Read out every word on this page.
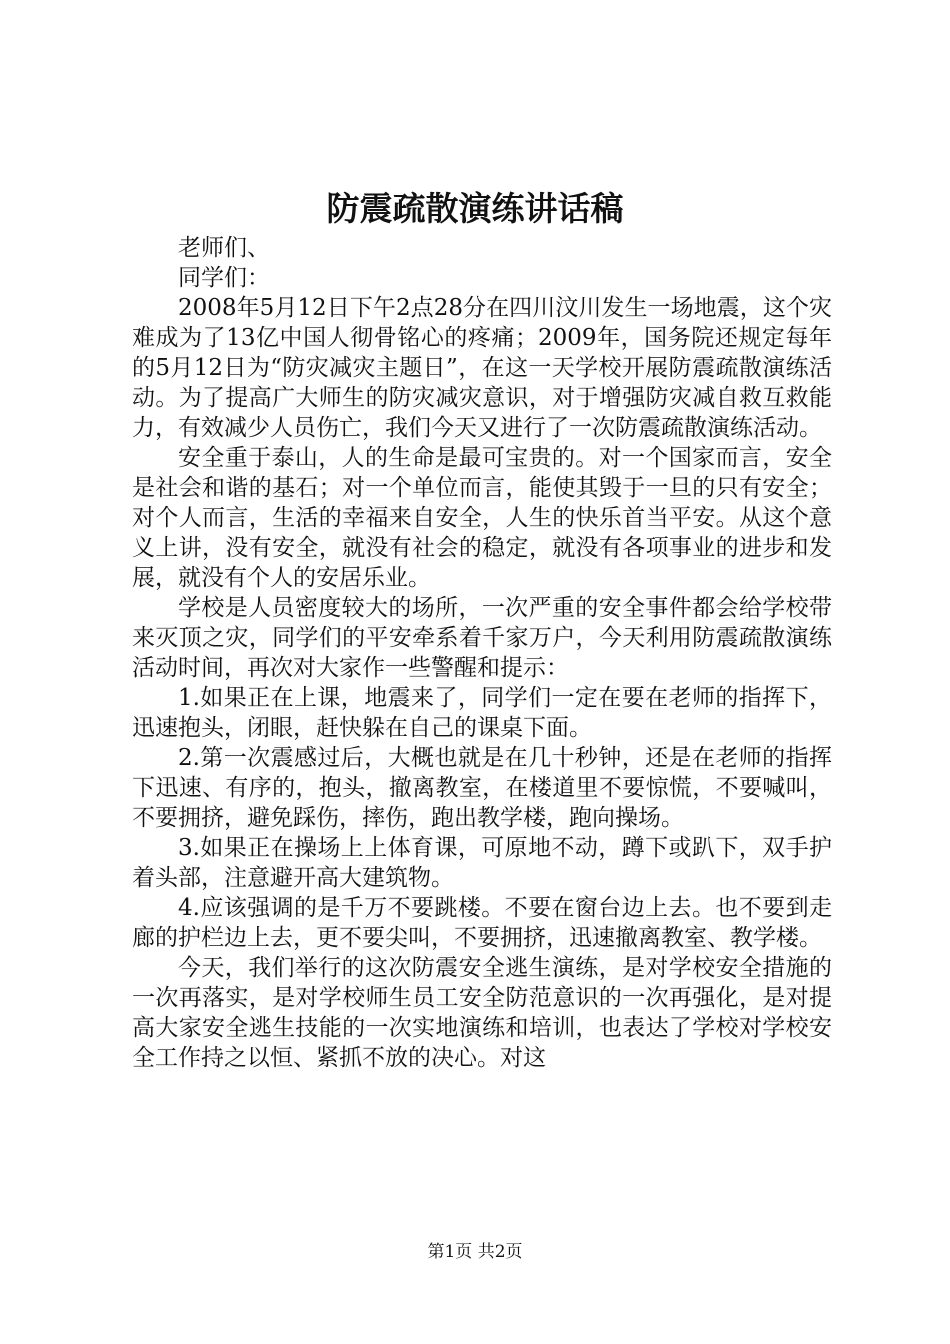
防震疏散演练讲话稿

老师们、

同学们：

2008年5月12日下午2点28分在四川汶川发生一场地震，这个灾难成为了13亿中国人彻骨铭心的疼痛；2009年，国务院还规定每年的5月12日为“防灾减灾主题日”，在这一天学校开展防震疏散演练活动。为了提高广大师生的防灾减灾意识，对于增强防灾减自救互救能力，有效减少人员伤亡，我们今天又进行了一次防震疏散演练活动。

安全重于泰山，人的生命是最可宝贵的。对一个国家而言，安全是社会和谐的基石；对一个单位而言，能使其毁于一旦的只有安全；对个人而言，生活的幸福来自安全，人生的快乐首当平安。从这个意义上讲，没有安全，就没有社会的稳定，就没有各项事业的进步和发展，就没有个人的安居乐业。

学校是人员密度较大的场所，一次严重的安全事件都会给学校带来灭顶之灾，同学们的平安牵系着千家万户，今天利用防震疏散演练活动时间，再次对大家作一些警醒和提示：

1.如果正在上课，地震来了，同学们一定在要在老师的指挥下，迅速抱头，闭眼，赶快躲在自己的课桌下面。

2.第一次震感过后，大概也就是在几十秒钟，还是在老师的指挥下迅速、有序的，抱头，撤离教室，在楼道里不要惊慌，不要喊叫，不要拥挤，避免踩伤，摔伤，跑出教学楼，跑向操场。

3.如果正在操场上上体育课，可原地不动，蹲下或趴下，双手护着头部，注意避开高大建筑物。

4.应该强调的是千万不要跳楼。不要在窗台边上去。也不要到走廊的护栏边上去，更不要尖叫，不要拥挤，迅速撤离教室、教学楼。

今天，我们举行的这次防震安全逃生演练，是对学校安全措施的一次再落实，是对学校师生员工安全防范意识的一次再强化，是对提高大家安全逃生技能的一次实地演练和培训，也表达了学校对学校安全工作持之以恒、紧抓不放的决心。对这

第1页 共2页
